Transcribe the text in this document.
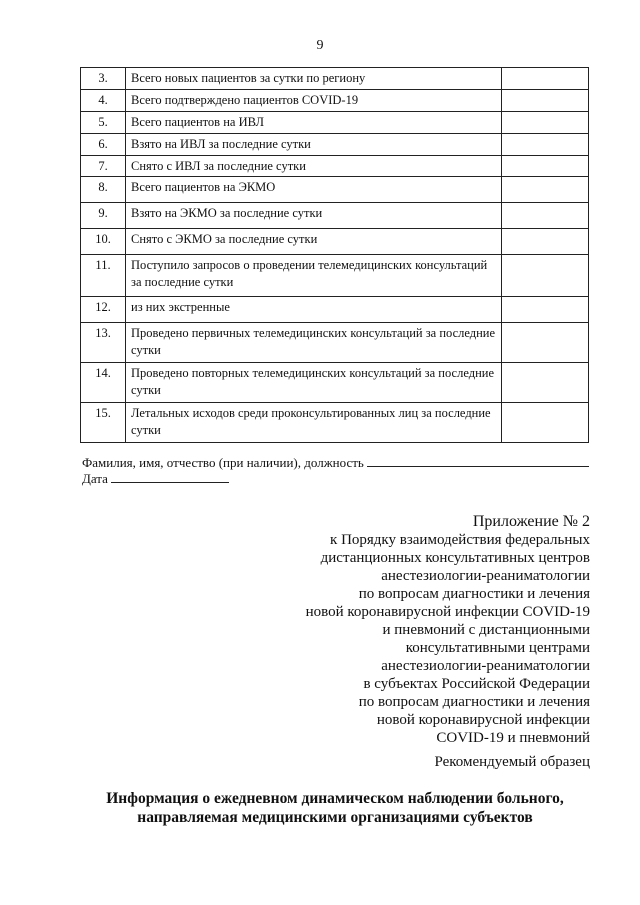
9
3.	Всего новых пациентов за сутки по региону	
4.	Всего подтверждено пациентов COVID-19	
5.	Всего пациентов на ИВЛ	
6.	Взято на ИВЛ за последние сутки	
7.	Снято с ИВЛ за последние сутки	
8.	Всего пациентов на ЭКМО	
9.	Взято на ЭКМО за последние сутки	
10.	Снято с ЭКМО за последние сутки	
11.	Поступило запросов о проведении телемедицинских консультаций за последние сутки	
12.	из них экстренные	
13.	Проведено первичных телемедицинских консультаций за последние сутки	
14.	Проведено повторных телемедицинских консультаций за последние сутки	
15.	Летальных исходов среди проконсультированных лиц за последние сутки	
Фамилия, имя, отчество (при наличии), должность
Дата
Приложение № 2
к Порядку взаимодействия федеральных
дистанционных консультативных центров
анестезиологии-реаниматологии
по вопросам диагностики и лечения
новой коронавирусной инфекции COVID-19
и пневмоний с дистанционными
консультативными центрами
анестезиологии-реаниматологии
в субъектах Российской Федерации
по вопросам диагностики и лечения
новой коронавирусной инфекции
COVID-19 и пневмоний
Рекомендуемый образец
Информация о ежедневном динамическом наблюдении больного,
направляемая медицинскими организациями субъектов
